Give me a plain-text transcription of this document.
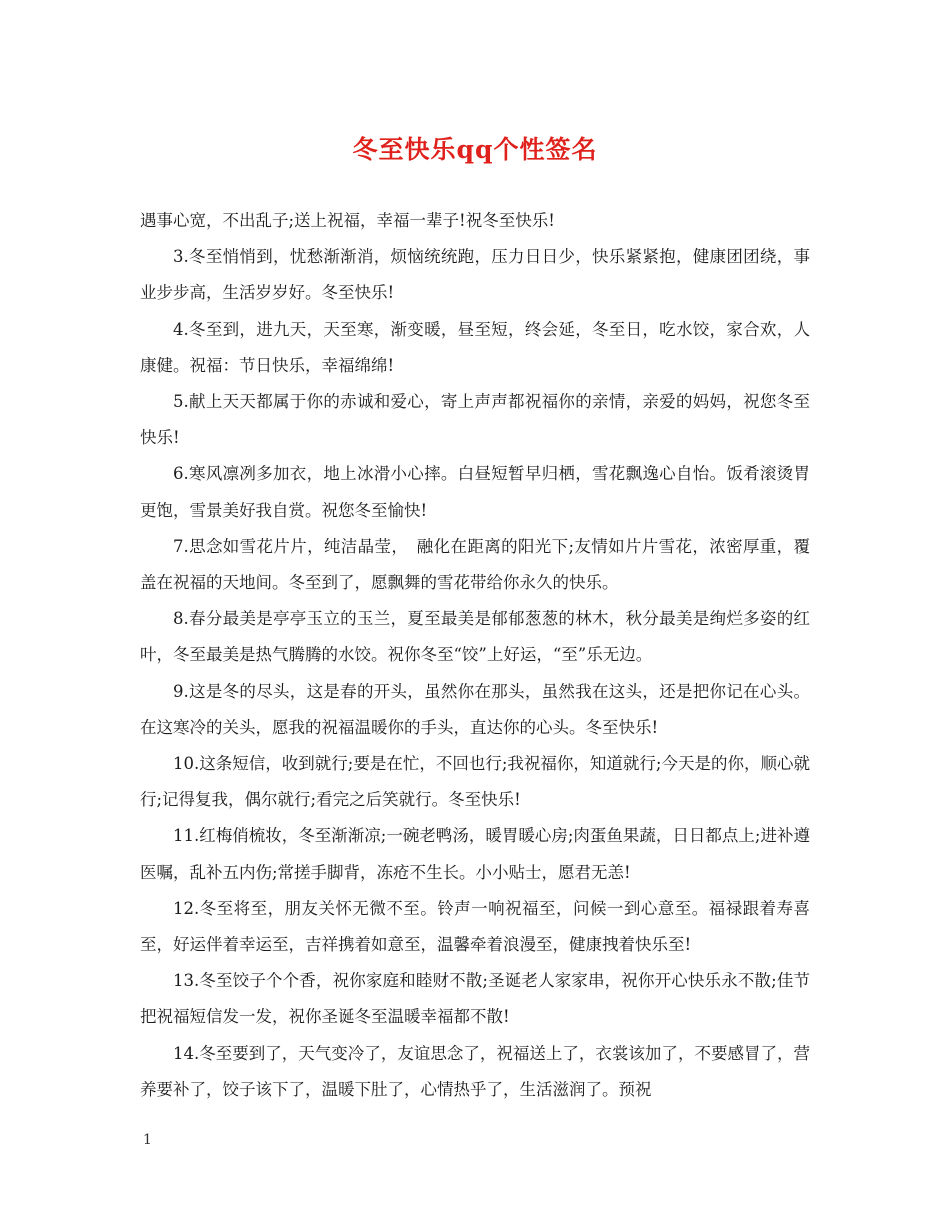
冬至快乐qq个性签名

遇事心宽，不出乱子;送上祝福，幸福一辈子!祝冬至快乐!

3.冬至悄悄到，忧愁渐渐消，烦恼统统跑，压力日日少，快乐紧紧抱，健康团团绕，事业步步高，生活岁岁好。冬至快乐!

4.冬至到，进九天，天至寒，渐变暖，昼至短，终会延，冬至日，吃水饺，家合欢，人康健。祝福：节日快乐，幸福绵绵!

5.献上天天都属于你的赤诚和爱心，寄上声声都祝福你的亲情，亲爱的妈妈，祝您冬至快乐!

6.寒风凛冽多加衣，地上冰滑小心摔。白昼短暂早归栖，雪花飘逸心自怡。饭肴滚烫胃更饱，雪景美好我自赏。祝您冬至愉快!

7.思念如雪花片片，纯洁晶莹，　融化在距离的阳光下;友情如片片雪花，浓密厚重，覆盖在祝福的天地间。冬至到了，愿飘舞的雪花带给你永久的快乐。

8.春分最美是亭亭玉立的玉兰，夏至最美是郁郁葱葱的林木，秋分最美是绚烂多姿的红叶，冬至最美是热气腾腾的水饺。祝你冬至“饺”上好运，“至”乐无边。

9.这是冬的尽头，这是春的开头，虽然你在那头，虽然我在这头，还是把你记在心头。在这寒冷的关头，愿我的祝福温暖你的手头，直达你的心头。冬至快乐!

10.这条短信，收到就行;要是在忙，不回也行;我祝福你，知道就行;今天是的你，顺心就行;记得复我，偶尔就行;看完之后笑就行。冬至快乐!

11.红梅俏梳妆，冬至渐渐凉;一碗老鸭汤，暖胃暖心房;肉蛋鱼果蔬，日日都点上;进补遵医嘱，乱补五内伤;常搓手脚背，冻疮不生长。小小贴士，愿君无恙!

12.冬至将至，朋友关怀无微不至。铃声一响祝福至，问候一到心意至。福禄跟着寿喜至，好运伴着幸运至，吉祥携着如意至，温馨牵着浪漫至，健康拽着快乐至!

13.冬至饺子个个香，祝你家庭和睦财不散;圣诞老人家家串，祝你开心快乐永不散;佳节把祝福短信发一发，祝你圣诞冬至温暖幸福都不散!

14.冬至要到了，天气变冷了，友谊思念了，祝福送上了，衣裳该加了，不要感冒了，营养要补了，饺子该下了，温暖下肚了，心情热乎了，生活滋润了。预祝

1
